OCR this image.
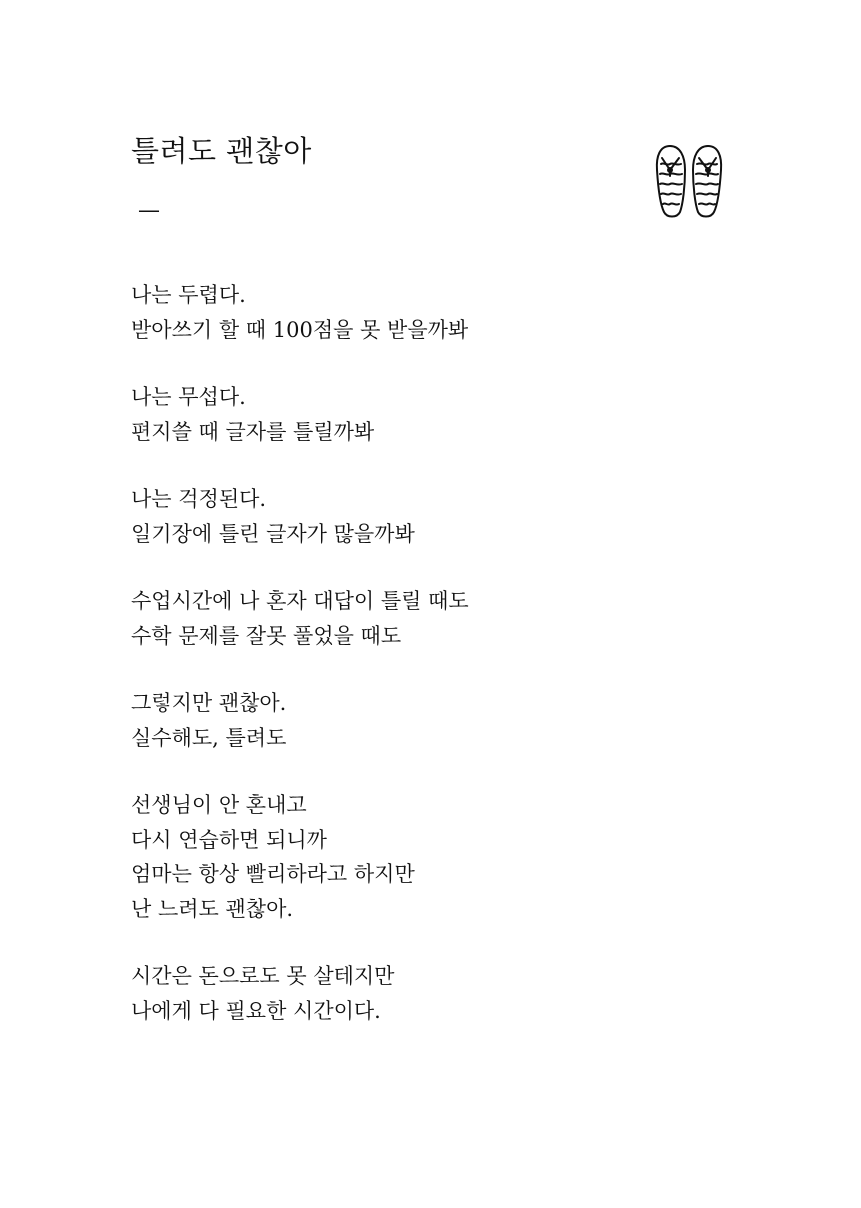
틀려도 괜찮아
—
나는 두렵다.
받아쓰기 할 때 100점을 못 받을까봐
나는 무섭다.
편지쓸 때 글자를 틀릴까봐
나는 걱정된다.
일기장에 틀린 글자가 많을까봐
수업시간에 나 혼자 대답이 틀릴 때도
수학 문제를 잘못 풀었을 때도
그렇지만 괜찮아.
실수해도, 틀려도
선생님이 안 혼내고
다시 연습하면 되니까
엄마는 항상 빨리하라고 하지만
난 느려도 괜찮아.
시간은 돈으로도 못 살테지만
나에게 다 필요한 시간이다.
